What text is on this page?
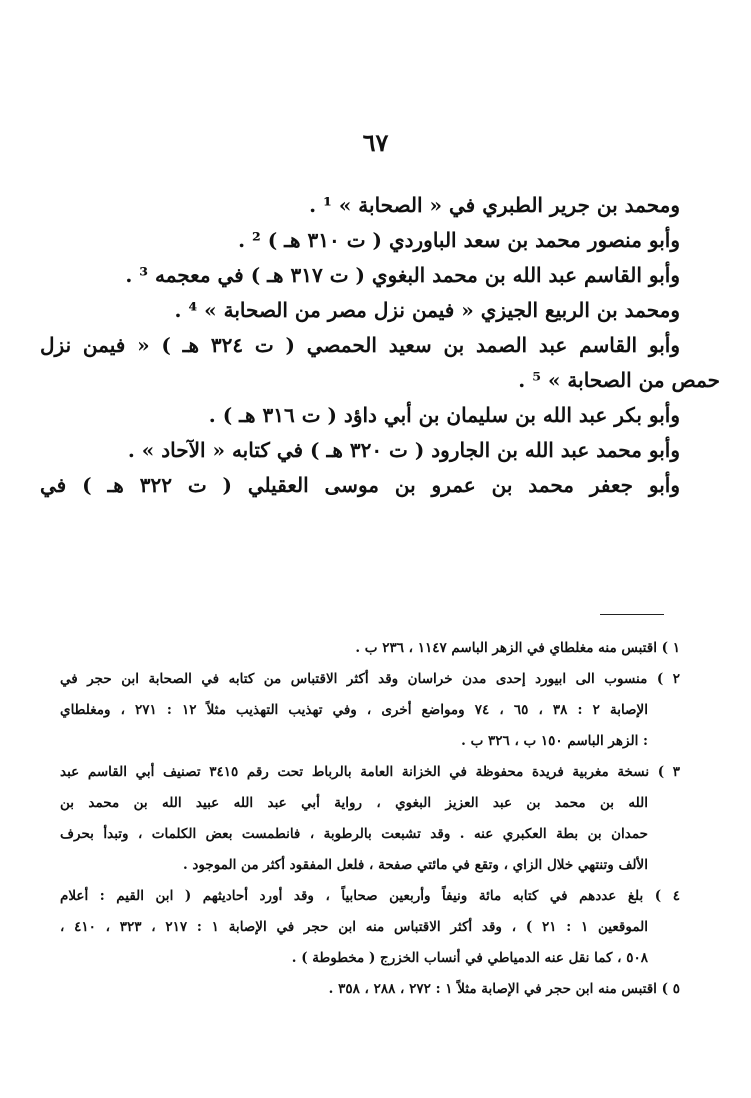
٦٧
ومحمد بن جرير الطبري في « الصحابة » ¹ .
وأبو منصور محمد بن سعد الباوردي ( ت ٣١٠ هـ ) ² .
وأبو القاسم عبد الله بن محمد البغوي ( ت ٣١٧ هـ ) في معجمه ³ .
ومحمد بن الربيع الجيزي « فيمن نزل مصر من الصحابة » ⁴ .
وأبو القاسم عبد الصمد بن سعيد الحمصي ( ت ٣٢٤ هـ ) « فيمن نزل
حمص من الصحابة » ⁵ .
وأبو بكر عبد الله بن سليمان بن أبي داؤد ( ت ٣١٦ هـ ) .
وأبو محمد عبد الله بن الجارود ( ت ٣٢٠ هـ ) في كتابه « الآحاد » .
وأبو جعفر محمد بن عمرو بن موسى العقيلي ( ت ٣٢٢ هـ ) في
١ ) اقتبس منه مغلطاي في الزهر الباسم ١١٤٧ ، ٢٣٦ ب .
٢ ) منسوب الى ابيورد إحدى مدن خراسان وقد أكثر الاقتباس من كتابه في الصحابة ابن حجر في
الإصابة ٢ : ٣٨ ، ٦٥ ، ٧٤ ومواضع أخرى ، وفي تهذيب التهذيب مثلاً ١٢ : ٢٧١ ، ومغلطاي
: الزهر الباسم ١٥٠ ب ، ٣٢٦ ب .
٣ ) نسخة مغربية فريدة محفوظة في الخزانة العامة بالرباط تحت رقم ٣٤١٥ تصنيف أبي القاسم عبد
الله بن محمد بن عبد العزيز البغوي ، رواية أبي عبد الله عبيد الله بن محمد بن
حمدان بن بطة العكبري عنه . وقد تشبعت بالرطوبة ، فانطمست بعض الكلمات ، وتبدأ بحرف
الألف وتنتهي خلال الزاي ، وتقع في مائتي صفحة ، فلعل المفقود أكثر من الموجود .
٤ ) بلغ عددهم في كتابه مائة ونيفاً وأربعين صحابياً ، وقد أورد أحاديثهم ( ابن القيم : أعلام
الموقعين ١ : ٢١ ) ، وقد أكثر الاقتباس منه ابن حجر في الإصابة ١ : ٢١٧ ، ٣٢٣ ، ٤١٠ ،
٥٠٨ ، كما نقل عنه الدمياطي في أنساب الخزرج ( مخطوطة ) .
٥ ) اقتبس منه ابن حجر في الإصابة مثلاً ١ : ٢٧٢ ، ٢٨٨ ، ٣٥٨ .
